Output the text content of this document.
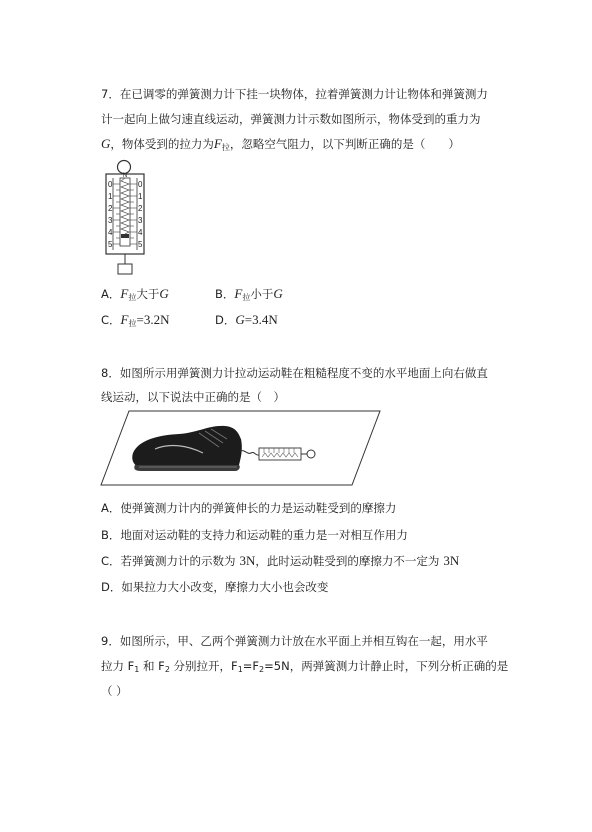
7．在已调零的弹簧测力计下挂一块物体，拉着弹簧测力计让物体和弹簧测力
计一起向上做匀速直线运动，弹簧测力计示数如图所示，物体受到的重力为
G，物体受到的拉力为$F_拉$，忽略空气阻力，以下判断正确的是（　　）
N
0
1
2
3
4
5
0
1
2
3
4
5
A．$F_拉$大于G	B．$F_拉$小于G
C．$F_拉=3.2N$	D．G=3.4N
8．如图所示用弹簧测力计拉动运动鞋在粗糙程度不变的水平地面上向右做直
线运动，以下说法中正确的是（　）
A．使弹簧测力计内的弹簧伸长的力是运动鞋受到的摩擦力
B．地面对运动鞋的支持力和运动鞋的重力是一对相互作用力
C．若弹簧测力计的示数为 3N，此时运动鞋受到的摩擦力不一定为 3N
D．如果拉力大小改变，摩擦力大小也会改变
9．如图所示，甲、乙两个弹簧测力计放在水平面上并相互钩在一起，用水平
拉力 $F_1$ 和 $F_2$ 分别拉开，$F_1=F_2=5N$，两弹簧测力计静止时，下列分析正确的是
（ ）
